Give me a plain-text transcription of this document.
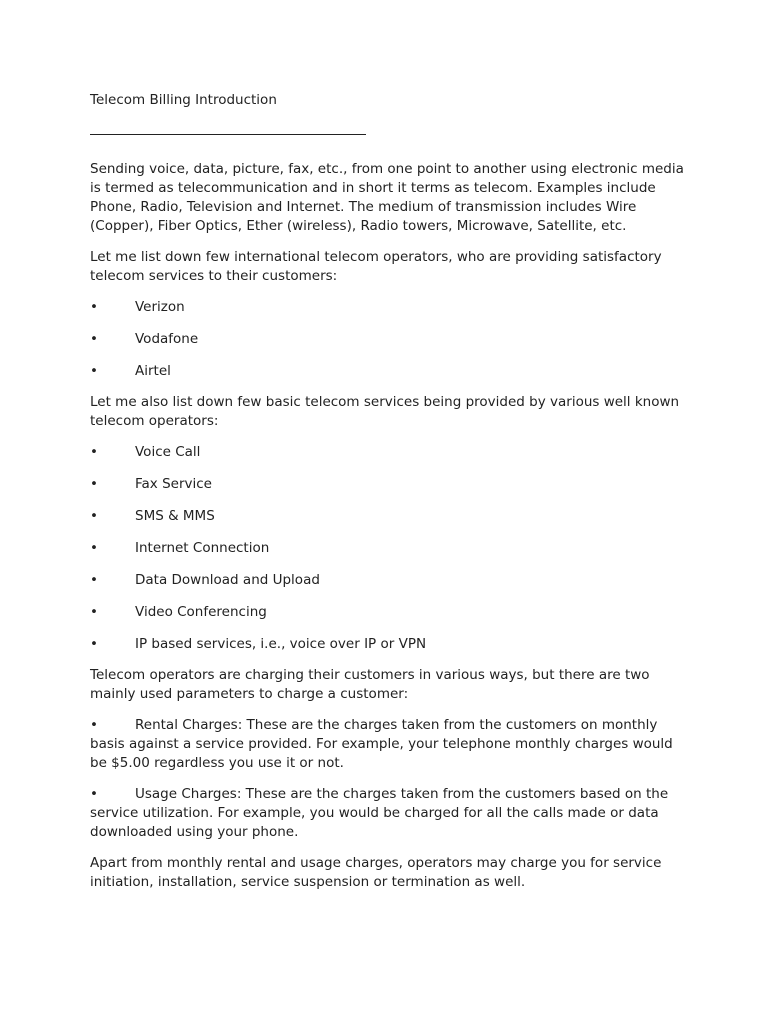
Telecom Billing Introduction

Sending voice, data, picture, fax, etc., from one point to another using electronic media is termed as telecommunication and in short it terms as telecom. Examples include Phone, Radio, Television and Internet. The medium of transmission includes Wire (Copper), Fiber Optics, Ether (wireless), Radio towers, Microwave, Satellite, etc.

Let me list down few international telecom operators, who are providing satisfactory telecom services to their customers:

•	Verizon
•	Vodafone
•	Airtel

Let me also list down few basic telecom services being provided by various well known telecom operators:

•	Voice Call
•	Fax Service
•	SMS & MMS
•	Internet Connection
•	Data Download and Upload
•	Video Conferencing
•	IP based services, i.e., voice over IP or VPN

Telecom operators are charging their customers in various ways, but there are two mainly used parameters to charge a customer:

•	Rental Charges: These are the charges taken from the customers on monthly basis against a service provided. For example, your telephone monthly charges would be $5.00 regardless you use it or not.

•	Usage Charges: These are the charges taken from the customers based on the service utilization. For example, you would be charged for all the calls made or data downloaded using your phone.

Apart from monthly rental and usage charges, operators may charge you for service initiation, installation, service suspension or termination as well.
